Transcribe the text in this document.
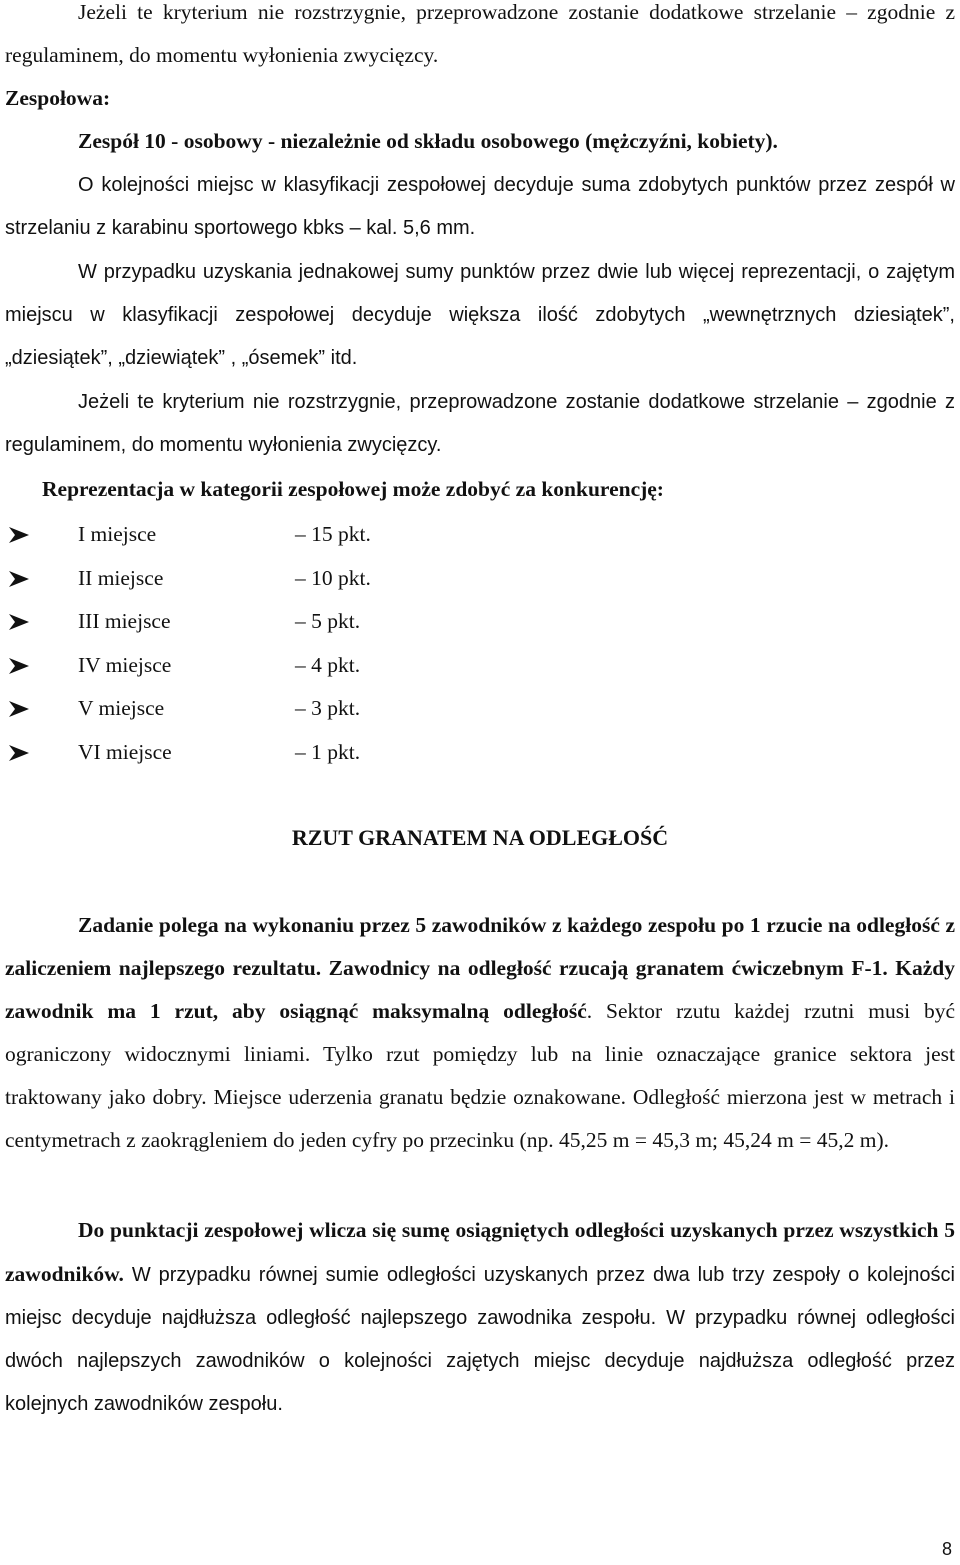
Jeżeli te kryterium nie rozstrzygnie, przeprowadzone zostanie dodatkowe strzelanie – zgodnie z regulaminem, do momentu wyłonienia zwycięzcy.

Zespołowa:

Zespół 10 - osobowy - niezależnie od składu osobowego (mężczyźni, kobiety).

O kolejności miejsc w klasyfikacji zespołowej decyduje suma zdobytych punktów przez zespół w strzelaniu z karabinu sportowego kbks – kal. 5,6 mm.

W przypadku uzyskania jednakowej sumy punktów przez dwie lub więcej reprezentacji, o zajętym miejscu w klasyfikacji zespołowej decyduje większa ilość zdobytych „wewnętrznych dziesiątek”, „dziesiątek”, „dziewiątek” , „ósemek” itd.

Jeżeli te kryterium nie rozstrzygnie, przeprowadzone zostanie dodatkowe strzelanie – zgodnie z regulaminem, do momentu wyłonienia zwycięzcy.

Reprezentacja w kategorii zespołowej może zdobyć za konkurencję:

I miejsce	– 15 pkt.
II miejsce	– 10 pkt.
III miejsce	– 5 pkt.
IV miejsce	– 4 pkt.
V miejsce	– 3 pkt.
VI miejsce	– 1 pkt.

RZUT GRANATEM NA ODLEGŁOŚĆ

Zadanie polega na wykonaniu przez 5 zawodników z każdego zespołu po 1 rzucie na odległość z zaliczeniem najlepszego rezultatu. Zawodnicy na odległość rzucają granatem ćwiczebnym F-1. Każdy zawodnik ma 1 rzut, aby osiągnąć maksymalną odległość. Sektor rzutu każdej rzutni musi być ograniczony widocznymi liniami. Tylko rzut pomiędzy lub na linie oznaczające granice sektora jest traktowany jako dobry. Miejsce uderzenia granatu będzie oznakowane. Odległość mierzona jest w metrach i centymetrach z zaokrągleniem do jeden cyfry po przecinku (np. 45,25 m = 45,3 m; 45,24 m = 45,2 m).

Do punktacji zespołowej wlicza się sumę osiągniętych odległości uzyskanych przez wszystkich 5 zawodników. W przypadku równej sumie odległości uzyskanych przez dwa lub trzy zespoły o kolejności miejsc decyduje najdłuższa odległość najlepszego zawodnika zespołu. W przypadku równej odległości dwóch najlepszych zawodników o kolejności zajętych miejsc decyduje najdłuższa odległość przez kolejnych zawodników zespołu.

8
